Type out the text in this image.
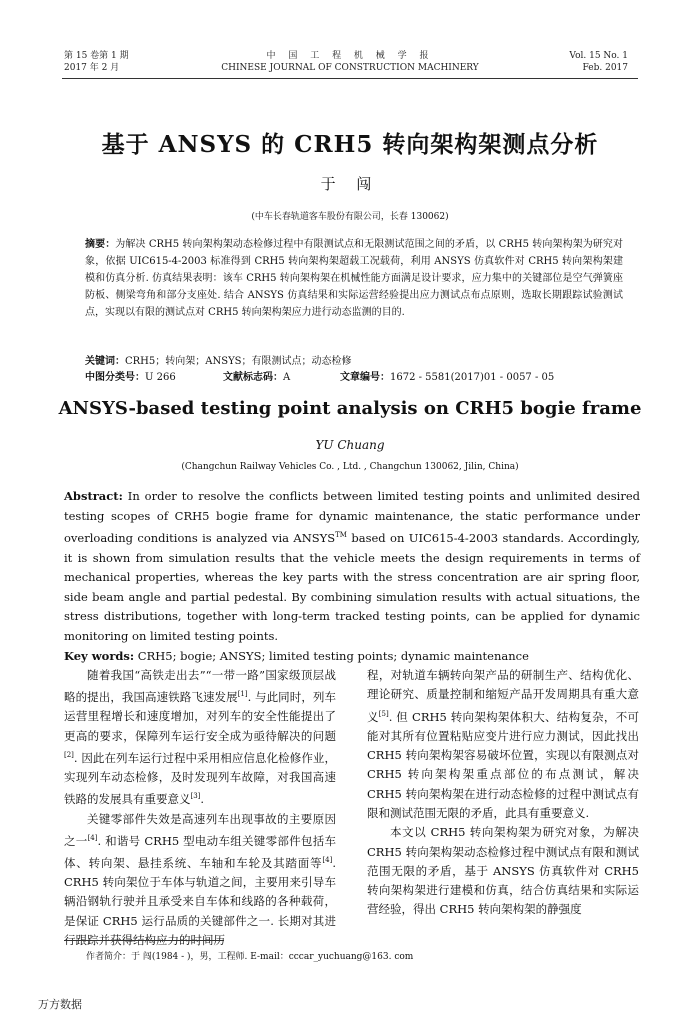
第 15 卷第 1 期
2017 年 2 月
中 国 工 程 机 械 学 报
CHINESE JOURNAL OF CONSTRUCTION MACHINERY
Vol. 15 No. 1
Feb. 2017
基于 ANSYS 的 CRH5 转向架构架测点分析
于 闯
(中车长春轨道客车股份有限公司，长春 130062)
摘要：为解决 CRH5 转向架构架动态检修过程中有限测试点和无限测试范围之间的矛盾，以 CRH5 转向架构架为研究对象，依据 UIC615-4-2003 标准得到 CRH5 转向架构架超载工况载荷，利用 ANSYS 仿真软件对 CRH5 转向架构架建模和仿真分析. 仿真结果表明：该车 CRH5 转向架构架在机械性能方面满足设计要求，应力集中的关键部位是空气弹簧座防板、侧梁弯角和部分支座处. 结合 ANSYS 仿真结果和实际运营经验提出应力测试点布点原则，选取长期跟踪试验测试点，实现以有限的测试点对 CRH5 转向架构架应力进行动态监测的目的.
关键词：CRH5；转向架；ANSYS；有限测试点；动态检修
中图分类号：U 266	文献标志码：A	文章编号：1672 - 5581(2017)01 - 0057 - 05
ANSYS-based testing point analysis on CRH5 bogie frame
YU Chuang
(Changchun Railway Vehicles Co. , Ltd. , Changchun 130062, Jilin, China)
Abstract: In order to resolve the conflicts between limited testing points and unlimited desired testing scopes of CRH5 bogie frame for dynamic maintenance, the static performance under overloading conditions is analyzed via ANSYS™ based on UIC615-4-2003 standards. Accordingly, it is shown from simulation results that the vehicle meets the design requirements in terms of mechanical properties, whereas the key parts with the stress concentration are air spring floor, side beam angle and partial pedestal. By combining simulation results with actual situations, the stress distributions, together with long-term tracked testing points, can be applied for dynamic monitoring on limited testing points.
Key words: CRH5; bogie; ANSYS; limited testing points; dynamic maintenance

随着我国“高铁走出去”“一带一路”国家级顶层战略的提出，我国高速铁路飞速发展[1]. 与此同时，列车运营里程增长和速度增加，对列车的安全性能提出了更高的要求，保障列车运行安全成为亟待解决的问题[2]. 因此在列车运行过程中采用相应信息化检修作业，实现列车动态检修，及时发现列车故障，对我国高速铁路的发展具有重要意义[3].

关键零部件失效是高速列车出现事故的主要原因之一[4]. 和谐号 CRH5 型电动车组关键零部件包括车体、转向架、悬挂系统、车轴和车轮及其踏面等[4]. CRH5 转向架位于车体与轨道之间，主要用来引导车辆沿钢轨行驶并且承受来自车体和线路的各种载荷，是保证 CRH5 运行品质的关键部件之一. 长期对其进行跟踪并获得结构应力的时间历

程，对轨道车辆转向架产品的研制生产、结构优化、理论研究、质量控制和缩短产品开发周期具有重大意义[5]. 但 CRH5 转向架构架体积大、结构复杂，不可能对其所有位置粘贴应变片进行应力测试，因此找出 CRH5 转向架构架容易破坏位置，实现以有限测点对 CRH5 转向架构架重点部位的布点测试，解决 CRH5 转向架构架在进行动态检修的过程中测试点有限和测试范围无限的矛盾，此具有重要意义.

本文以 CRH5 转向架构架为研究对象，为解决 CRH5 转向架构架动态检修过程中测试点有限和测试范围无限的矛盾，基于 ANSYS 仿真软件对 CRH5 转向架构架进行建模和仿真，结合仿真结果和实际运营经验，得出 CRH5 转向架构架的静强度

作者简介：于 闯(1984 - )，男，工程师. E-mail：cccar_yuchuang@163. com
万方数据
